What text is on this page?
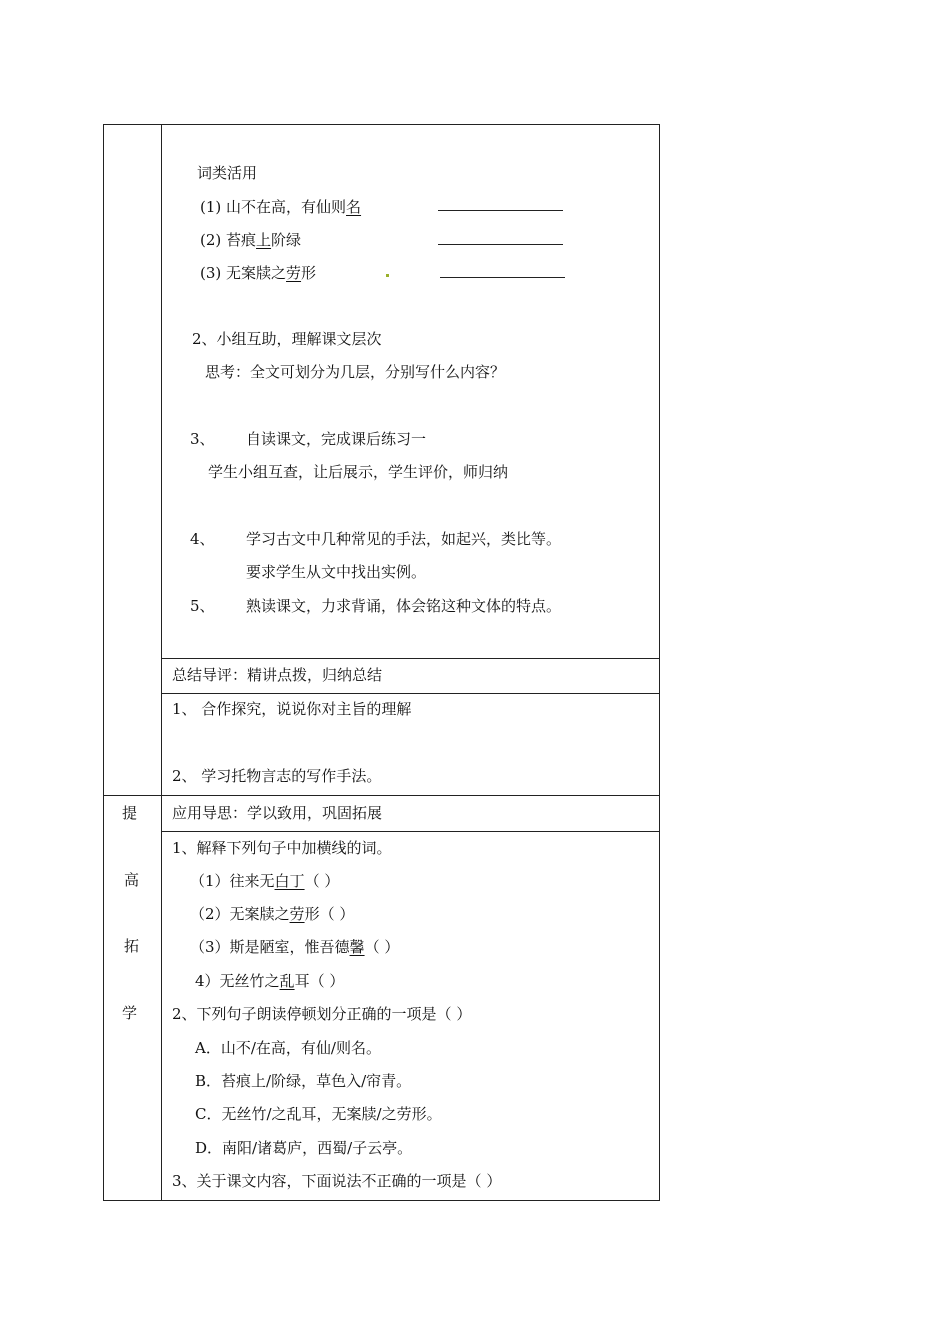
词类活用
(1) 山不在高，有仙则名
(2) 苔痕上阶绿
(3) 无案牍之劳形
2、小组互助，理解课文层次
思考：全文可划分为几层，分别写什么内容？
3、 自读课文，完成课后练习一
学生小组互查，让后展示，学生评价，师归纳
4、 学习古文中几种常见的手法，如起兴，类比等。
要求学生从文中找出实例。
5、 熟读课文，力求背诵，体会铭这种文体的特点。
总结导评：精讲点拨，归纳总结
1、 合作探究，说说你对主旨的理解
2、 学习托物言志的写作手法。
提
高
拓
学
应用导思：学以致用，巩固拓展
1、解释下列句子中加横线的词。
（1）往来无白丁（ ）
（2）无案牍之劳形（ ）
（3）斯是陋室，惟吾德馨（ ）
4）无丝竹之乱耳（ ）
2、下列句子朗读停顿划分正确的一项是（ ）
A．山不/在高，有仙/则名。
B．苔痕上/阶绿，草色入/帘青。
C．无丝竹/之乱耳，无案牍/之劳形。
D．南阳/诸葛庐，西蜀/子云亭。
3、关于课文内容，下面说法不正确的一项是（ ）
